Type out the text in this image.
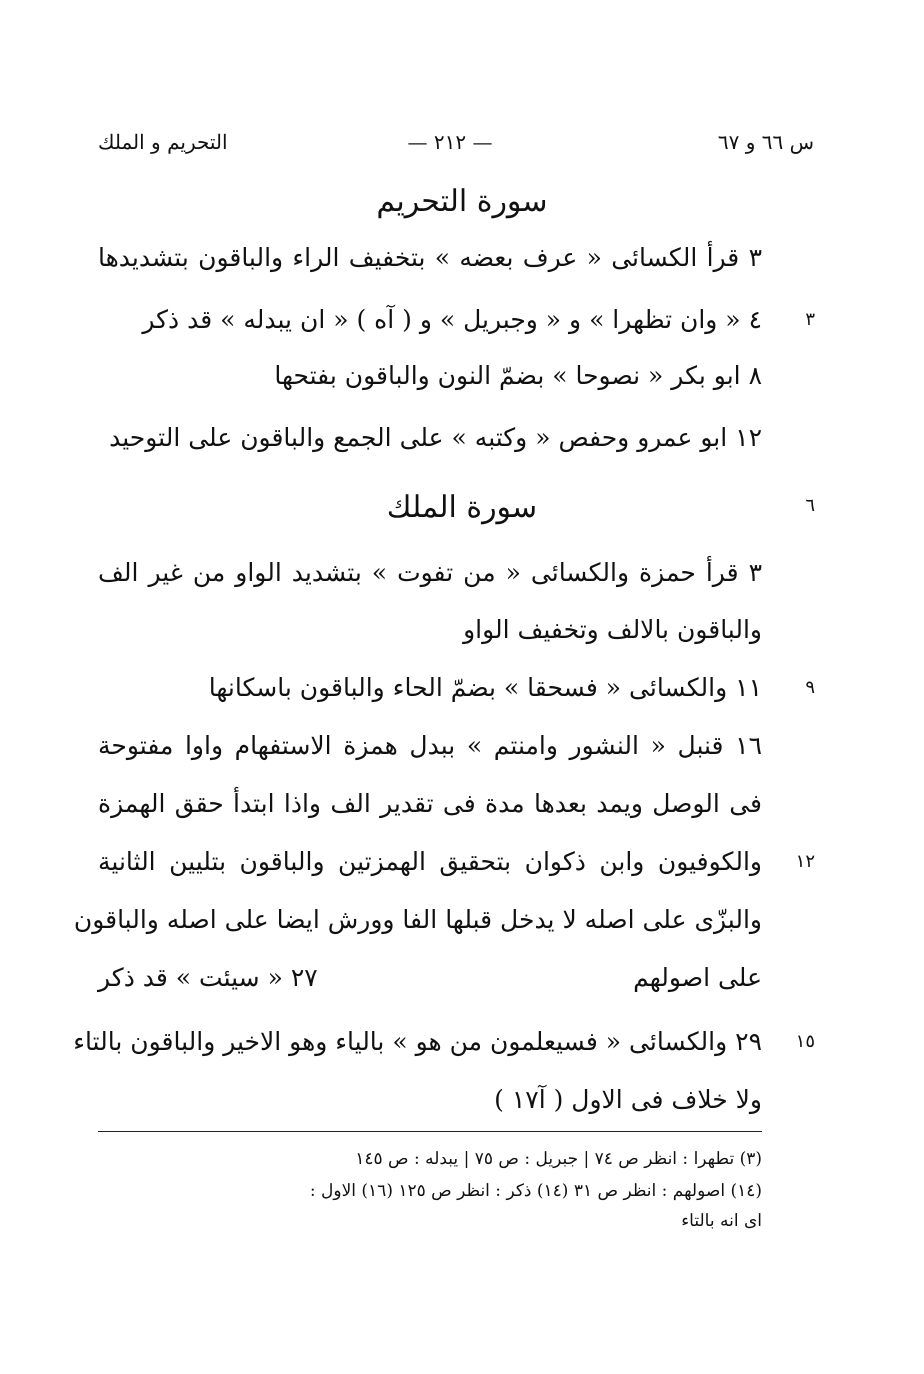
التحريم و الملك	— ٢١٢ —	س ٦٦ و ٦٧
سورة التحريم
٣ قرأ الكسائى « عرف بعضه » بتخفيف الراء والباقون بتشديدها
٤ « وان تظهرا » و « وجبريل » و ( آه ) « ان يبدله » قد ذكر
٨ ابو بكر « نصوحا » بضمّ النون والباقون بفتحها
١٢ ابو عمرو وحفص « وكتبه » على الجمع والباقون على التوحيد
سورة الملك
٣ قرأ حمزة والكسائى « من تفوت » بتشديد الواو من غير الف
والباقون بالالف وتخفيف الواو
١١ والكسائى « فسحقا » بضمّ الحاء والباقون باسكانها
١٦ قنبل « النشور وامنتم » ببدل همزة الاستفهام واوا مفتوحة
فى الوصل ويمد بعدها مدة فى تقدير الف واذا ابتدأ حقق الهمزة
والكوفيون وابن ذكوان بتحقيق الهمزتين والباقون بتليين الثانية
والبزّى على اصله لا يدخل قبلها الفا وورش ايضا على اصله والباقون
على اصولهم
٢٧ « سيئت » قد ذكر
٢٩ والكسائى « فسيعلمون من هو » بالياء وهو الاخير والباقون بالتاء
ولا خلاف فى الاول ( آ١٧ )
٣
٦
٩
١٢
١٥
(٣) تطهرا : انظر ص ٧٤ | جبريل : ص ٧٥ | يبدله : ص ١٤٥
(١٤) اصولهم : انظر ص ٣١ (١٤) ذكر : انظر ص ١٢٥ (١٦) الاول :
اى انه بالتاء
